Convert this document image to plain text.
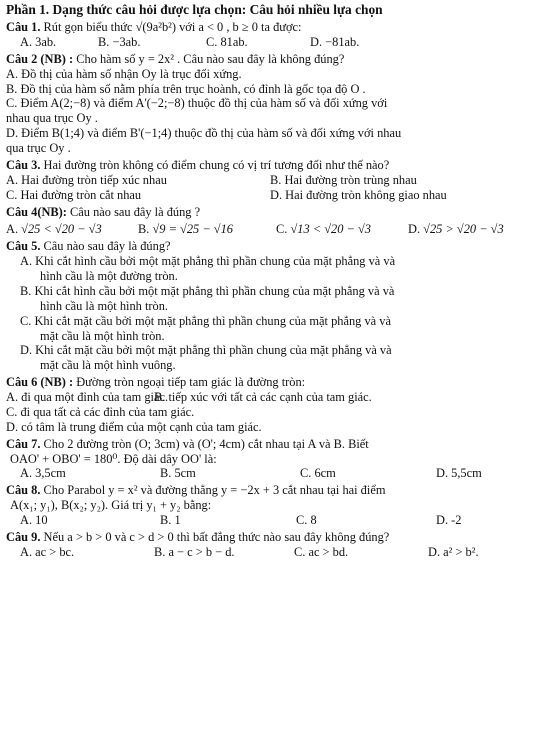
Phần 1. Dạng thức câu hỏi được lựa chọn: Câu hỏi nhiều lựa chọn
Câu 1. Rút gọn biểu thức √(9a²b²) với a < 0 , b ≥ 0 ta được:
A. 3ab.	B. −3ab.	C. 81ab.	D. −81ab.
Câu 2 (NB) : Cho hàm số y = 2x² . Câu nào sau đây là không đúng?
A. Đồ thị của hàm số nhận Oy là trục đối xứng.
B. Đồ thị của hàm số nằm phía trên trục hoành, có đỉnh là gốc tọa độ O .
C. Điểm A(2;−8) và điểm A'(−2;−8) thuộc đồ thị của hàm số và đối xứng với
nhau qua trục Oy .
D. Điểm B(1;4) và điểm B'(−1;4) thuộc đồ thị của hàm số và đối xứng với nhau
qua trục Oy .
Câu 3. Hai đường tròn không có điểm chung có vị trí tương đối như thế nào?
A. Hai đường tròn tiếp xúc nhau	B. Hai đường tròn trùng nhau
C. Hai đường tròn cắt nhau	D. Hai đường tròn không giao nhau
Câu 4(NB): Câu nào sau đây là đúng ?
A. √25 < √20 − √3	B. √9 = √25 − √16	C. √13 < √20 − √3	D. √25 > √20 − √3
Câu 5. Câu nào sau đây là đúng?
A. Khi cắt hình cầu bởi một mặt phẳng thì phần chung của mặt phẳng và và
hình cầu là một đường tròn.
B. Khi cắt hình cầu bởi một mặt phẳng thì phần chung của mặt phẳng và và
hình cầu là một hình tròn.
C. Khi cắt mặt cầu bởi một mặt phẳng thì phần chung của mặt phẳng và và
mặt cầu là một hình tròn.
D. Khi cắt mặt cầu bởi một mặt phẳng thì phần chung của mặt phẳng và và
mặt cầu là một hình vuông.
Câu 6 (NB) : Đường tròn ngoại tiếp tam giác là đường tròn:
A. đi qua một đỉnh của tam giác.
B. tiếp xúc với tất cả các cạnh của tam giác.
C. đi qua tất cả các đỉnh của tam giác.
D. có tâm là trung điểm của một cạnh của tam giác.
Câu 7. Cho 2 đường tròn (O; 3cm) và (O'; 4cm) cắt nhau tại A và B. Biết
OAO' + OBO' = 180⁰. Độ dài dây OO' là:
A. 3,5cm	B. 5cm	C. 6cm	D. 5,5cm
Câu 8. Cho Parabol y = x² và đường thẳng y = −2x + 3 cắt nhau tại hai điểm
A(x₁; y₁), B(x₂; y₂). Giá trị y₁ + y₂ bằng:
A. 10	B. 1	C. 8	D. -2
Câu 9. Nếu a > b > 0 và c > d > 0 thì bất đẳng thức nào sau đây không đúng?
A. ac > bc.	B. a − c > b − d.	C. ac > bd.	D. a² > b².
